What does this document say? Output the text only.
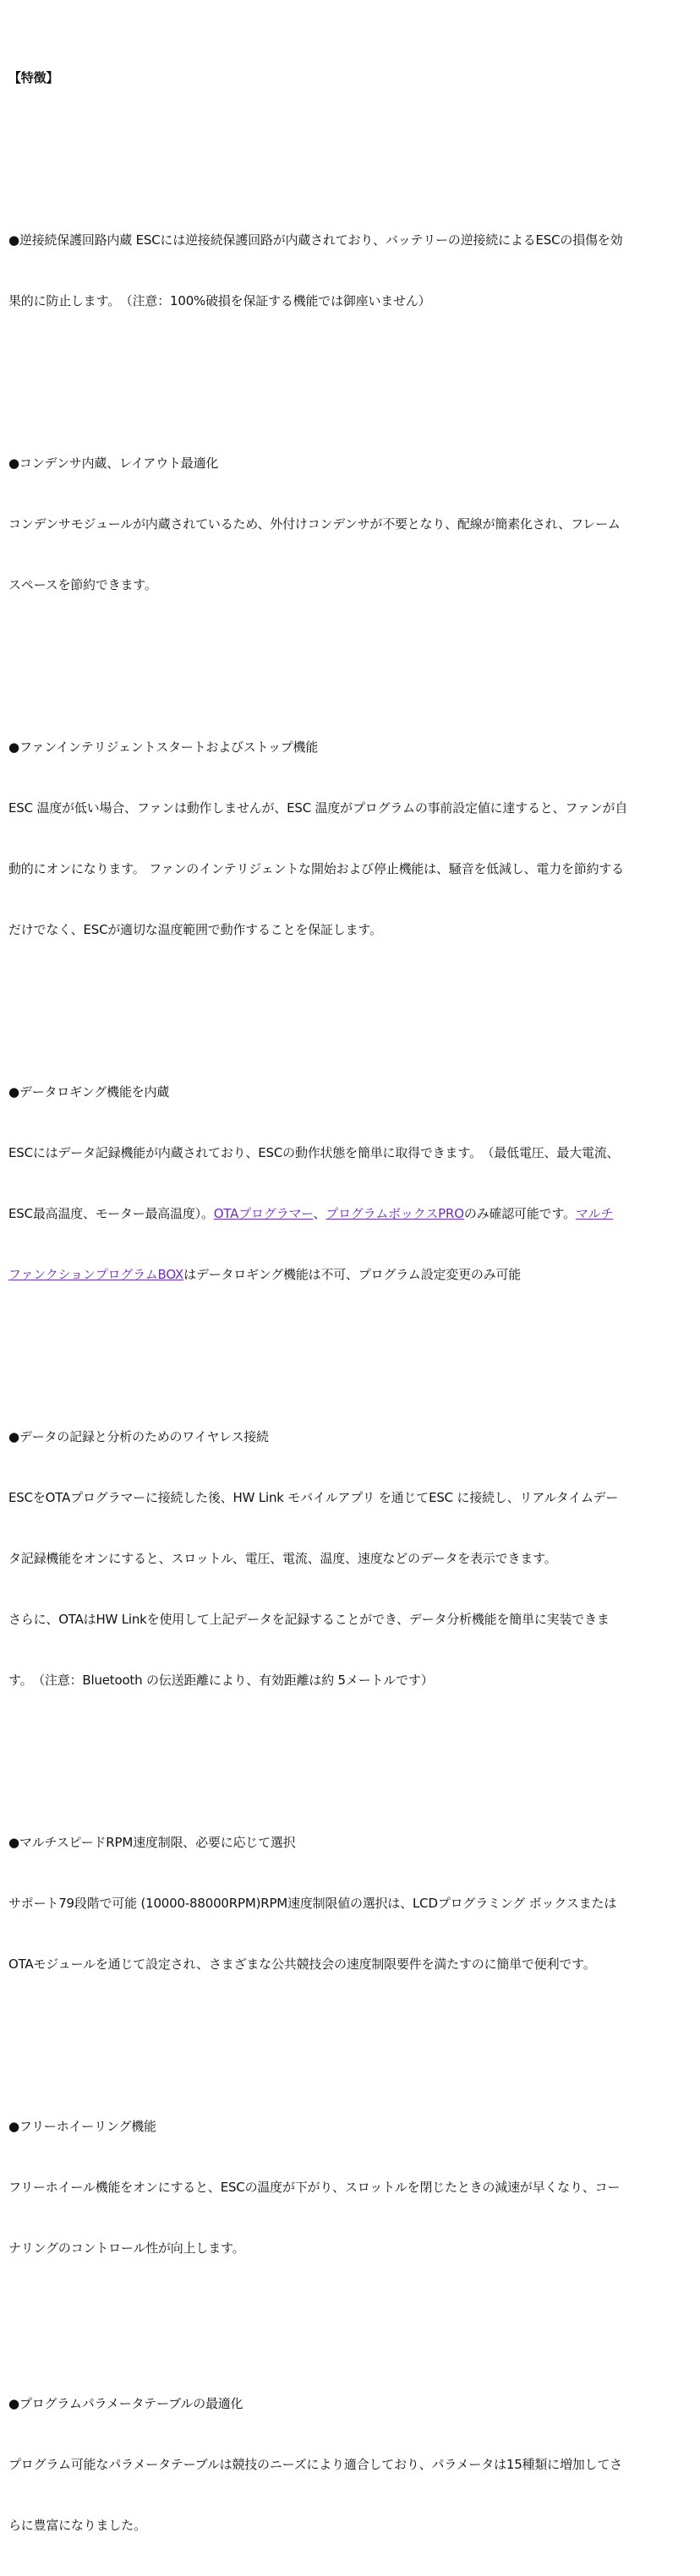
【特徴】

●逆接続保護回路内蔵 ESCには逆接続保護回路が内蔵されており、バッテリーの逆接続によるESCの損傷を効

果的に防止します。　（注意：100%破損を保証する機能では御座いません）

●コンデンサ内蔵、レイアウト最適化

コンデンサモジュールが内蔵されているため、外付けコンデンサが不要となり、配線が簡素化され、フレーム

スペースを節約できます。

●ファンインテリジェントスタートおよびストップ機能

ESC 温度が低い場合、ファンは動作しませんが、ESC 温度がプログラムの事前設定値に達すると、ファンが自

動的にオンになります。 ファンのインテリジェントな開始および停止機能は、騒音を低減し、電力を節約する

だけでなく、ESCが適切な温度範囲で動作することを保証します。

●データロギング機能を内蔵

ESCにはデータ記録機能が内蔵されており、ESCの動作状態を簡単に取得できます。　（最低電圧、最大電流、

ESC最高温度、モーター最高温度）。OTAプログラマー、プログラムボックスPROのみ確認可能です。マルチ

ファンクションプログラムBOXはデータロギング機能は不可、プログラム設定変更のみ可能

●データの記録と分析のためのワイヤレス接続

ESCをOTAプログラマーに接続した後、HW Link モバイルアプリ を通じてESC に接続し、リアルタイムデー

タ記録機能をオンにすると、スロットル、電圧、電流、温度、速度などのデータを表示できます。

さらに、OTAはHW Linkを使用して上記データを記録することができ、データ分析機能を簡単に実装できま

す。　（注意：Bluetooth の伝送距離により、有効距離は約 5メートルです）

●マルチスピードRPM速度制限、必要に応じて選択

サポート79段階で可能 (10000-88000RPM)RPM速度制限値の選択は、LCDプログラミング ボックスまたは

OTAモジュールを通じて設定され、さまざまな公共競技会の速度制限要件を満たすのに簡単で便利です。

●フリーホイーリング機能

フリーホイール機能をオンにすると、ESCの温度が下がり、スロットルを閉じたときの減速が早くなり、コー

ナリングのコントロール性が向上します。

●プログラムパラメータテーブルの最適化

プログラム可能なパラメータテーブルは競技のニーズにより適合しており、パラメータは15種類に増加してさ

らに豊富になりました。
